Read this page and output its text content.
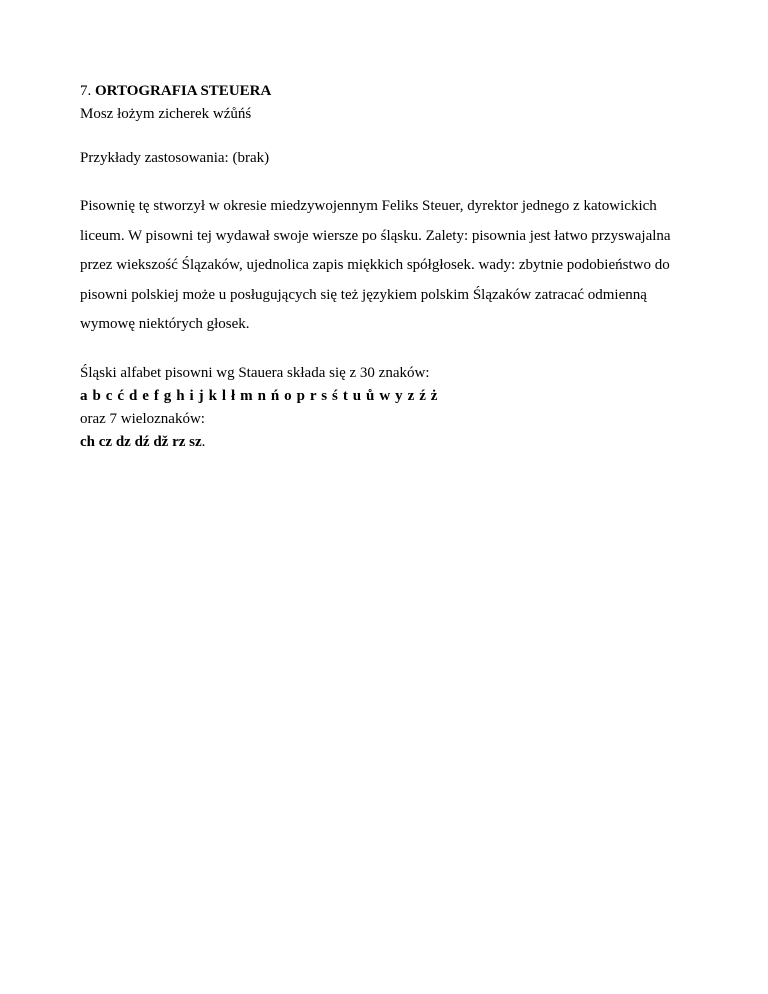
7. ORTOGRAFIA STEUERA
Mosz łożym zicherek wźůńś
Przykłady zastosowania: (brak)

Pisownię tę stworzył w okresie miedzywojennym Feliks Steuer, dyrektor jednego z katowickich liceum. W pisowni tej wydawał swoje wiersze po śląsku. Zalety: pisownia jest łatwo przyswajalna przez wiekszość Ślązaków, ujednolica zapis miękkich spółgłosek. wady: zbytnie podobieństwo do pisowni polskiej może u posługujących się też językiem polskim Ślązaków zatracać odmienną wymowę niektórych głosek.

Śląski alfabet pisowni wg Stauera składa się z 30 znaków:
a b c ć d e f g h i j k l ł m n ń o p r s ś t u ů w y z ź ż
oraz 7 wieloznaków:
ch cz dz dź dž rz sz.
